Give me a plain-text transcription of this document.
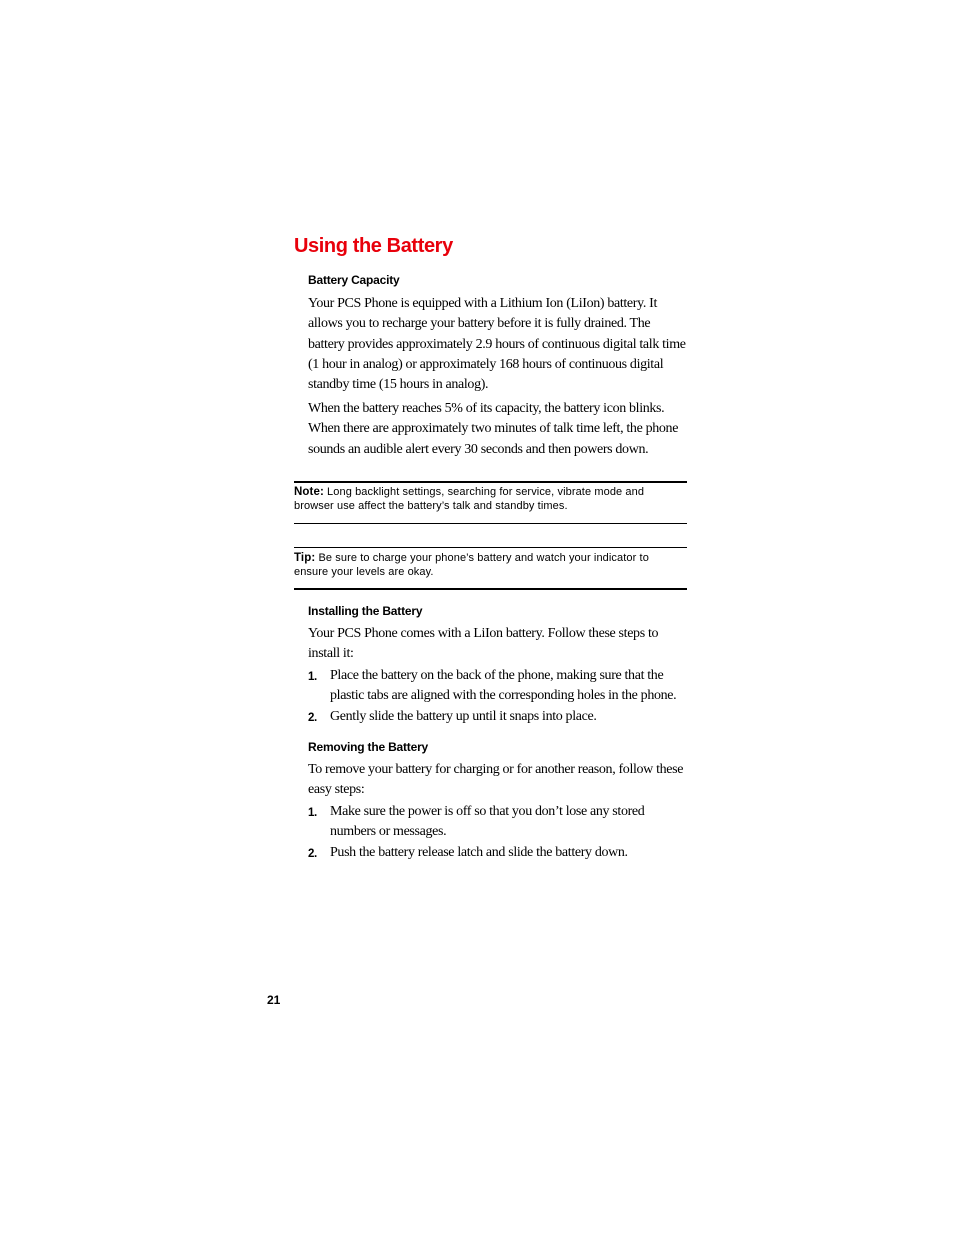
Using the Battery
Battery Capacity

Your PCS Phone is equipped with a Lithium Ion (LiIon) battery. It allows you to recharge your battery before it is fully drained. The battery provides approximately 2.9 hours of continuous digital talk time (1 hour in analog) or approximately 168 hours of continuous digital standby time (15 hours in analog).

When the battery reaches 5% of its capacity, the battery icon blinks. When there are approximately two minutes of talk time left, the phone sounds an audible alert every 30 seconds and then powers down.

Note: Long backlight settings, searching for service, vibrate mode and browser use affect the battery’s talk and standby times.
Tip: Be sure to charge your phone’s battery and watch your indicator to ensure your levels are okay.
Installing the Battery

Your PCS Phone comes with a LiIon battery. Follow these steps to install it:

1. Place the battery on the back of the phone, making sure that the plastic tabs are aligned with the corresponding holes in the phone.
2. Gently slide the battery up until it snaps into place.
Removing the Battery

To remove your battery for charging or for another reason, follow these easy steps:

1. Make sure the power is off so that you don’t lose any stored numbers or messages.
2. Push the battery release latch and slide the battery down.
21
